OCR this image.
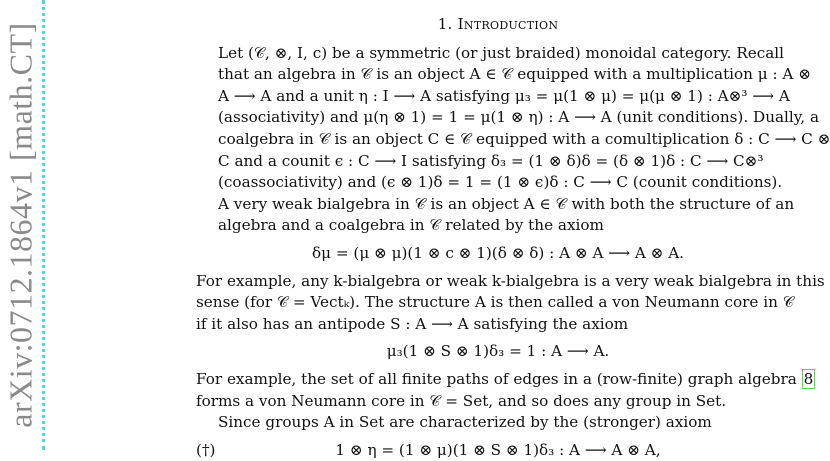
arXiv:0712.1864v1 [math.CT]	1. Introduction
Let (𝒞, ⊗, I, c) be a symmetric (or just braided) monoidal category. Recall
that an algebra in 𝒞 is an object A ∈ 𝒞 equipped with a multiplication μ : A ⊗
A ⟶ A and a unit η : I ⟶ A satisfying μ₃ = μ(1 ⊗ μ) = μ(μ ⊗ 1) : A⊗³ ⟶ A
(associativity) and μ(η ⊗ 1) = 1 = μ(1 ⊗ η) : A ⟶ A (unit conditions). Dually, a
coalgebra in 𝒞 is an object C ∈ 𝒞 equipped with a comultiplication δ : C ⟶ C ⊗
C and a counit ϵ : C ⟶ I satisfying δ₃ = (1 ⊗ δ)δ = (δ ⊗ 1)δ : C ⟶ C⊗³
(coassociativity) and (ϵ ⊗ 1)δ = 1 = (1 ⊗ ϵ)δ : C ⟶ C (counit conditions).
A very weak bialgebra in 𝒞 is an object A ∈ 𝒞 with both the structure of an
algebra and a coalgebra in 𝒞 related by the axiom
δμ = (μ ⊗ μ)(1 ⊗ c ⊗ 1)(δ ⊗ δ) : A ⊗ A ⟶ A ⊗ A.
For example, any k-bialgebra or weak k-bialgebra is a very weak bialgebra in this
sense (for 𝒞 = Vectₖ). The structure A is then called a von Neumann core in 𝒞
if it also has an antipode S : A ⟶ A satisfying the axiom
μ₃(1 ⊗ S ⊗ 1)δ₃ = 1 : A ⟶ A.
For example, the set of all finite paths of edges in a (row-finite) graph algebra 8
forms a von Neumann core in 𝒞 = Set, and so does any group in Set.
Since groups A in Set are characterized by the (stronger) axiom
(†)	1 ⊗ η = (1 ⊗ μ)(1 ⊗ S ⊗ 1)δ₃ : A ⟶ A ⊗ A,
